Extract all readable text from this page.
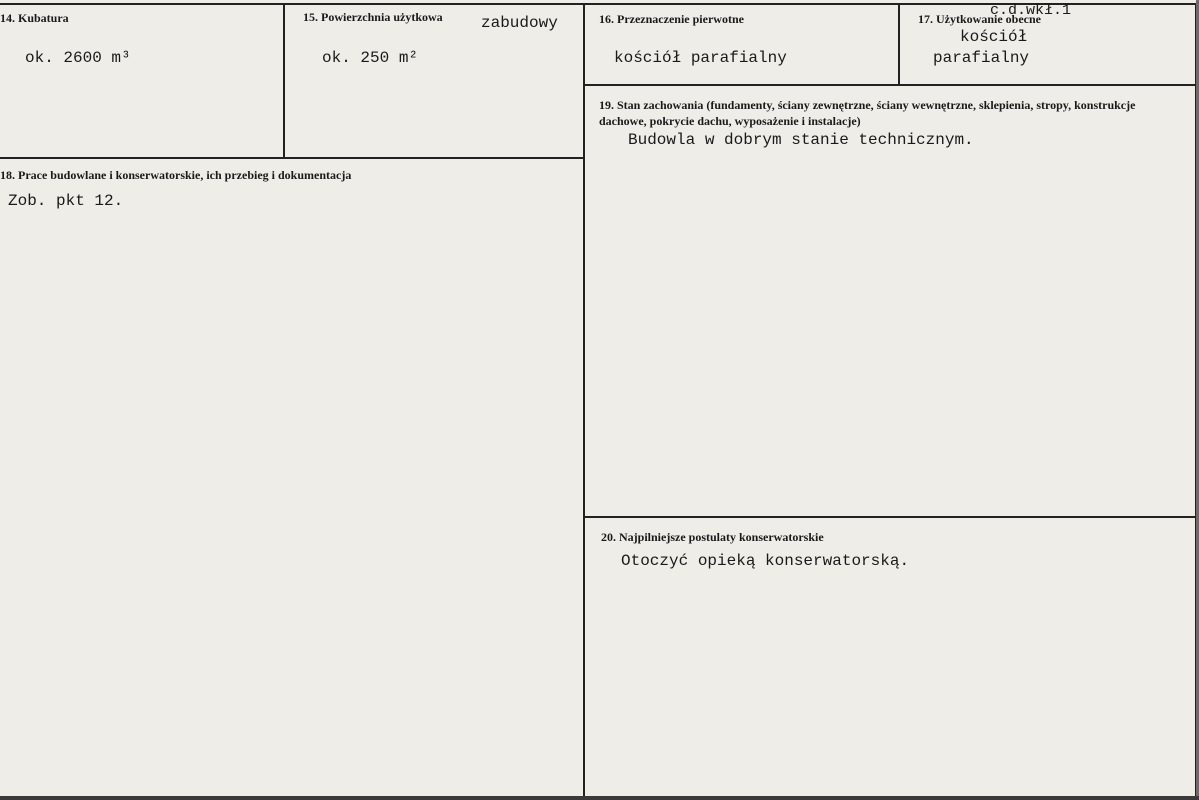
14. Kubatura
ok. 2600 m³
15. Powierzchnia użytkowa zabudowy
ok. 250 m²
16. Przeznaczenie pierwotne
kościół parafialny
17. Użytkowanie obecne
c.d.wkł.1
kościół
parafialny
18. Prace budowlane i konserwatorskie, ich przebieg i dokumentacja
Zob. pkt 12.
19. Stan zachowania (fundamenty, ściany zewnętrzne, ściany wewnętrzne, sklepienia, stropy, konstrukcje dachowe, pokrycie dachu, wyposażenie i instalacje)
Budowla w dobrym stanie technicznym.
20. Najpilniejsze postulaty konserwatorskie
Otoczyć opieką konserwatorską.
